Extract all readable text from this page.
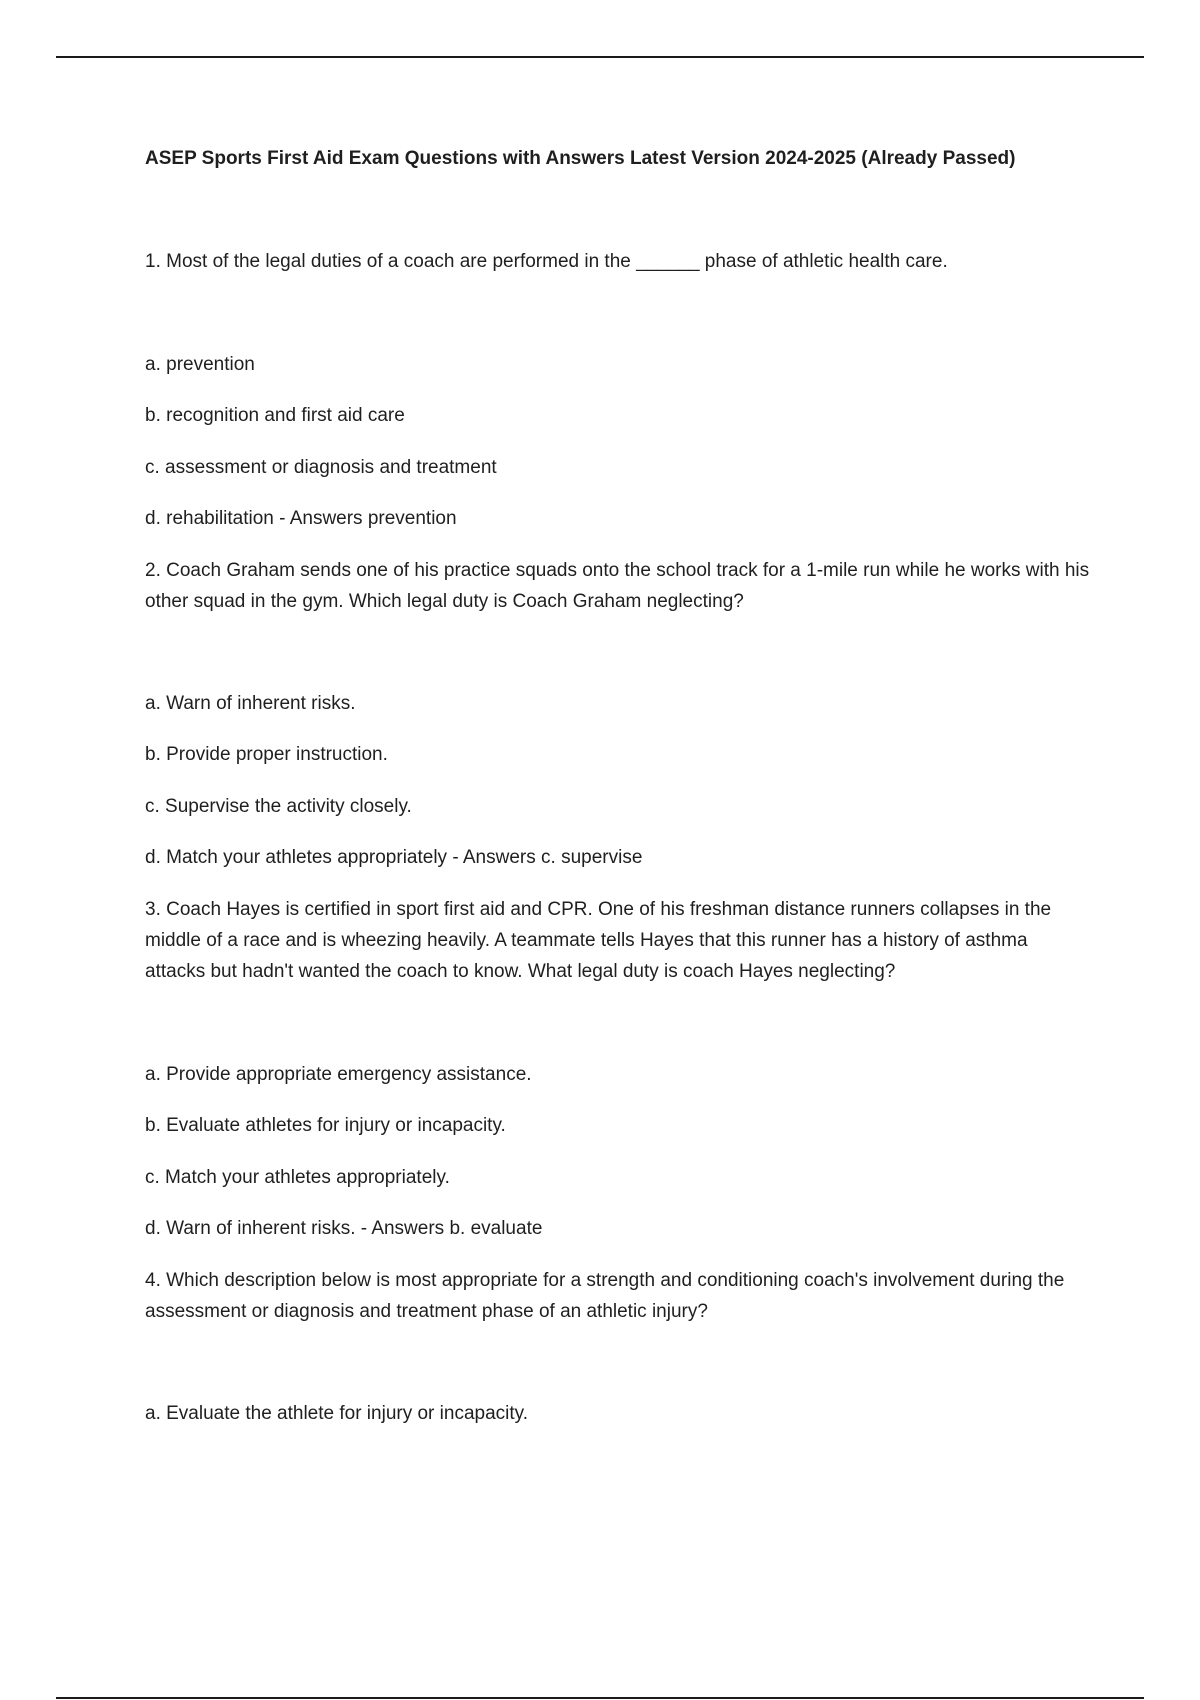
ASEP Sports First Aid Exam Questions with Answers Latest Version 2024-2025 (Already Passed)

1. Most of the legal duties of a coach are performed in the ______ phase of athletic health care.

a. prevention

b. recognition and first aid care

c. assessment or diagnosis and treatment

d. rehabilitation - Answers prevention

2. Coach Graham sends one of his practice squads onto the school track for a 1-mile run while he works with his other squad in the gym. Which legal duty is Coach Graham neglecting?

a. Warn of inherent risks.

b. Provide proper instruction.

c. Supervise the activity closely.

d. Match your athletes appropriately - Answers c. supervise

3. Coach Hayes is certified in sport first aid and CPR. One of his freshman distance runners collapses in the middle of a race and is wheezing heavily. A teammate tells Hayes that this runner has a history of asthma attacks but hadn't wanted the coach to know. What legal duty is coach Hayes neglecting?

a. Provide appropriate emergency assistance.

b. Evaluate athletes for injury or incapacity.

c. Match your athletes appropriately.

d. Warn of inherent risks. - Answers b. evaluate

4. Which description below is most appropriate for a strength and conditioning coach's involvement during the assessment or diagnosis and treatment phase of an athletic injury?

a. Evaluate the athlete for injury or incapacity.
